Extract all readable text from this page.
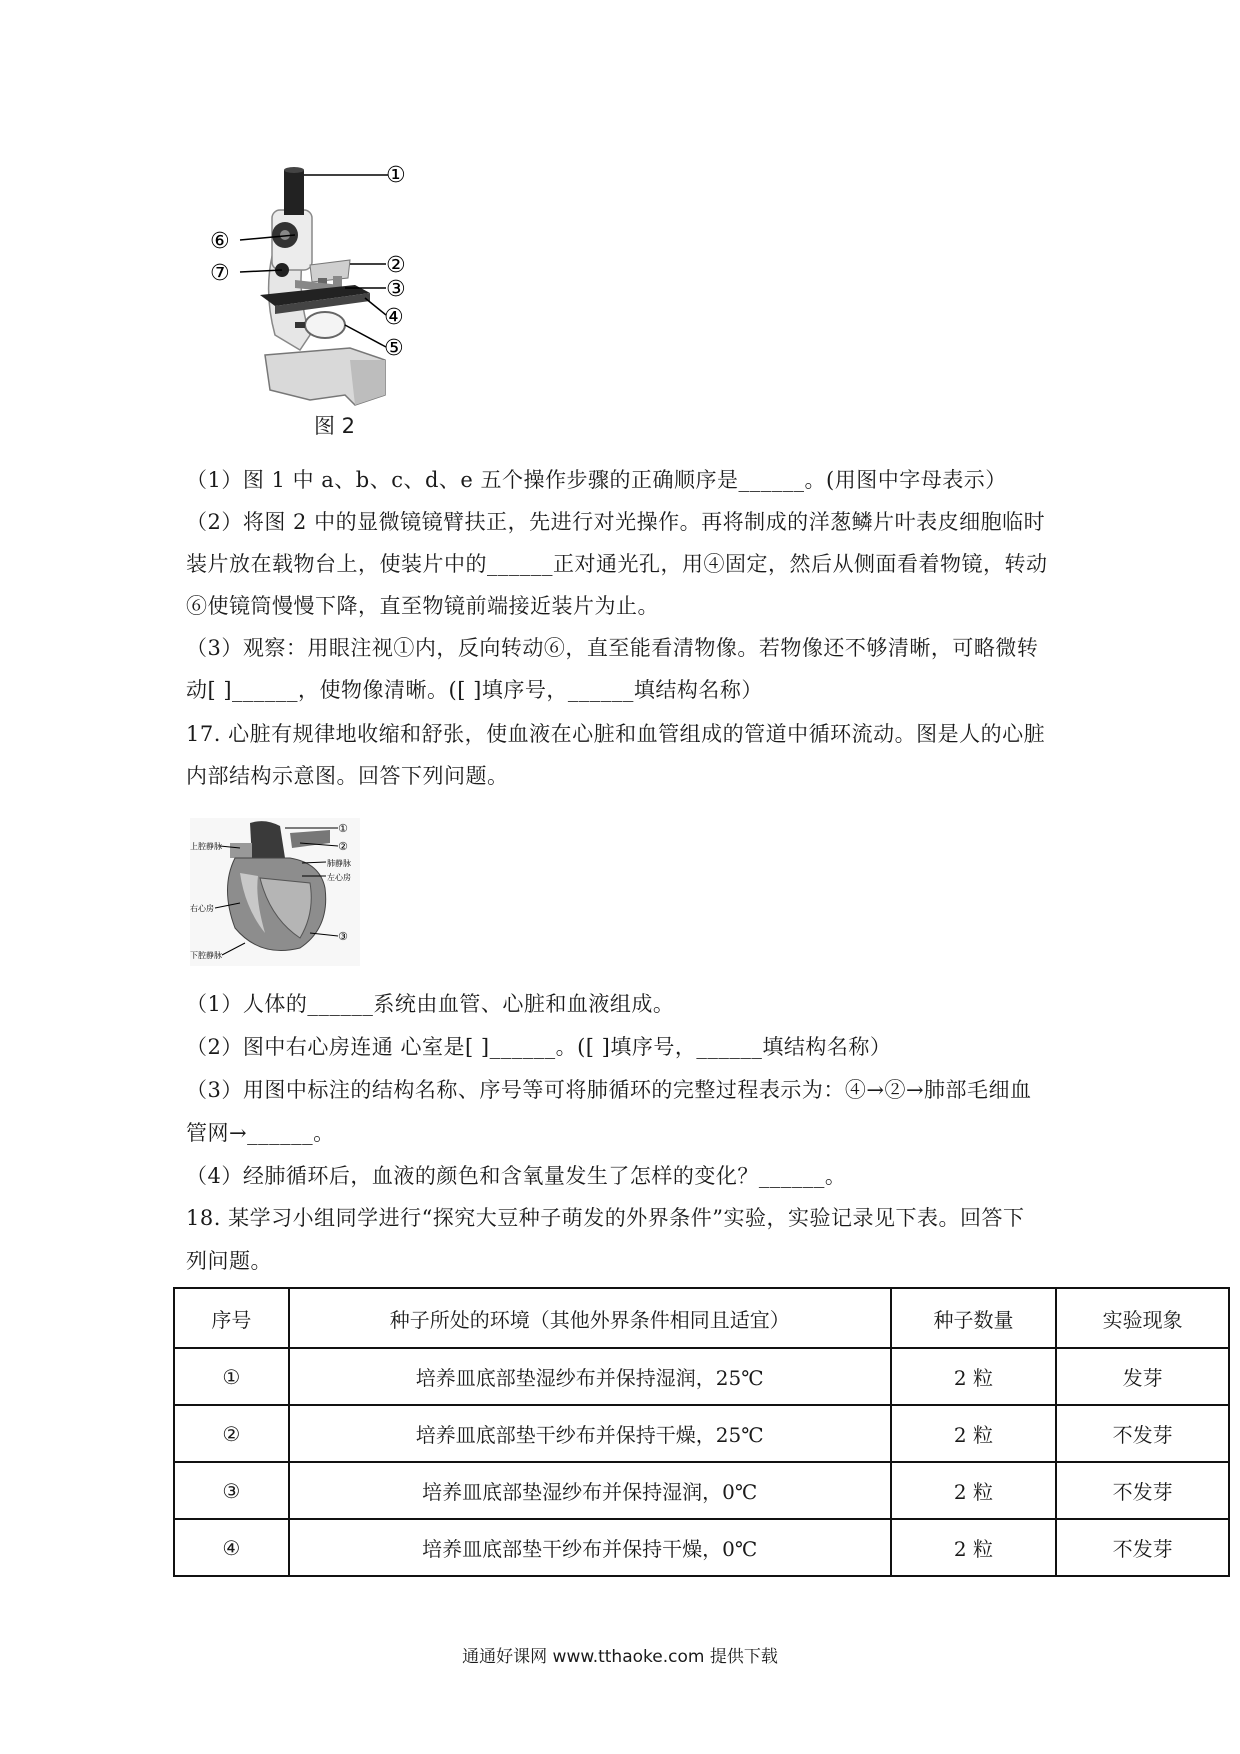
①
⑥
⑦	②
③
④
⑤
图 2
（1）图 1 中 a、b、c、d、e 五个操作步骤的正确顺序是______。(用图中字母表示）
（2）将图 2 中的显微镜镜臂扶正，先进行对光操作。再将制成的洋葱鳞片叶表皮细胞临时
装片放在载物台上，使装片中的______正对通光孔，用④固定，然后从侧面看着物镜，转动
⑥使镜筒慢慢下降，直至物镜前端接近装片为止。
（3）观察：用眼注视①内，反向转动⑥，直至能看清物像。若物像还不够清晰，可略微转
动[ ]______，使物像清晰。([ ]填序号，______填结构名称）
17. 心脏有规律地收缩和舒张，使血液在心脏和血管组成的管道中循环流动。图是人的心脏
内部结构示意图。回答下列问题。
①
②
肺静脉
左心房
③
上腔静脉
右心房
下腔静脉
（1）人体的______系统由血管、心脏和血液组成。
（2）图中右心房连通 心室是[ ]______。([ ]填序号，______填结构名称）
（3）用图中标注的结构名称、序号等可将肺循环的完整过程表示为：④→②→肺部毛细血
管网→______。
（4）经肺循环后，血液的颜色和含氧量发生了怎样的变化？______。
18. 某学习小组同学进行“探究大豆种子萌发的外界条件”实验，实验记录见下表。回答下
列问题。
序号	种子所处的环境（其他外界条件相同且适宜）	种子数量	实验现象
①	培养皿底部垫湿纱布并保持湿润，25℃	2 粒	发芽
②	培养皿底部垫干纱布并保持干燥，25℃	2 粒	不发芽
③	培养皿底部垫湿纱布并保持湿润，0℃	2 粒	不发芽
④	培养皿底部垫干纱布并保持干燥，0℃	2 粒	不发芽
通通好课网 www.tthaoke.com 提供下载
